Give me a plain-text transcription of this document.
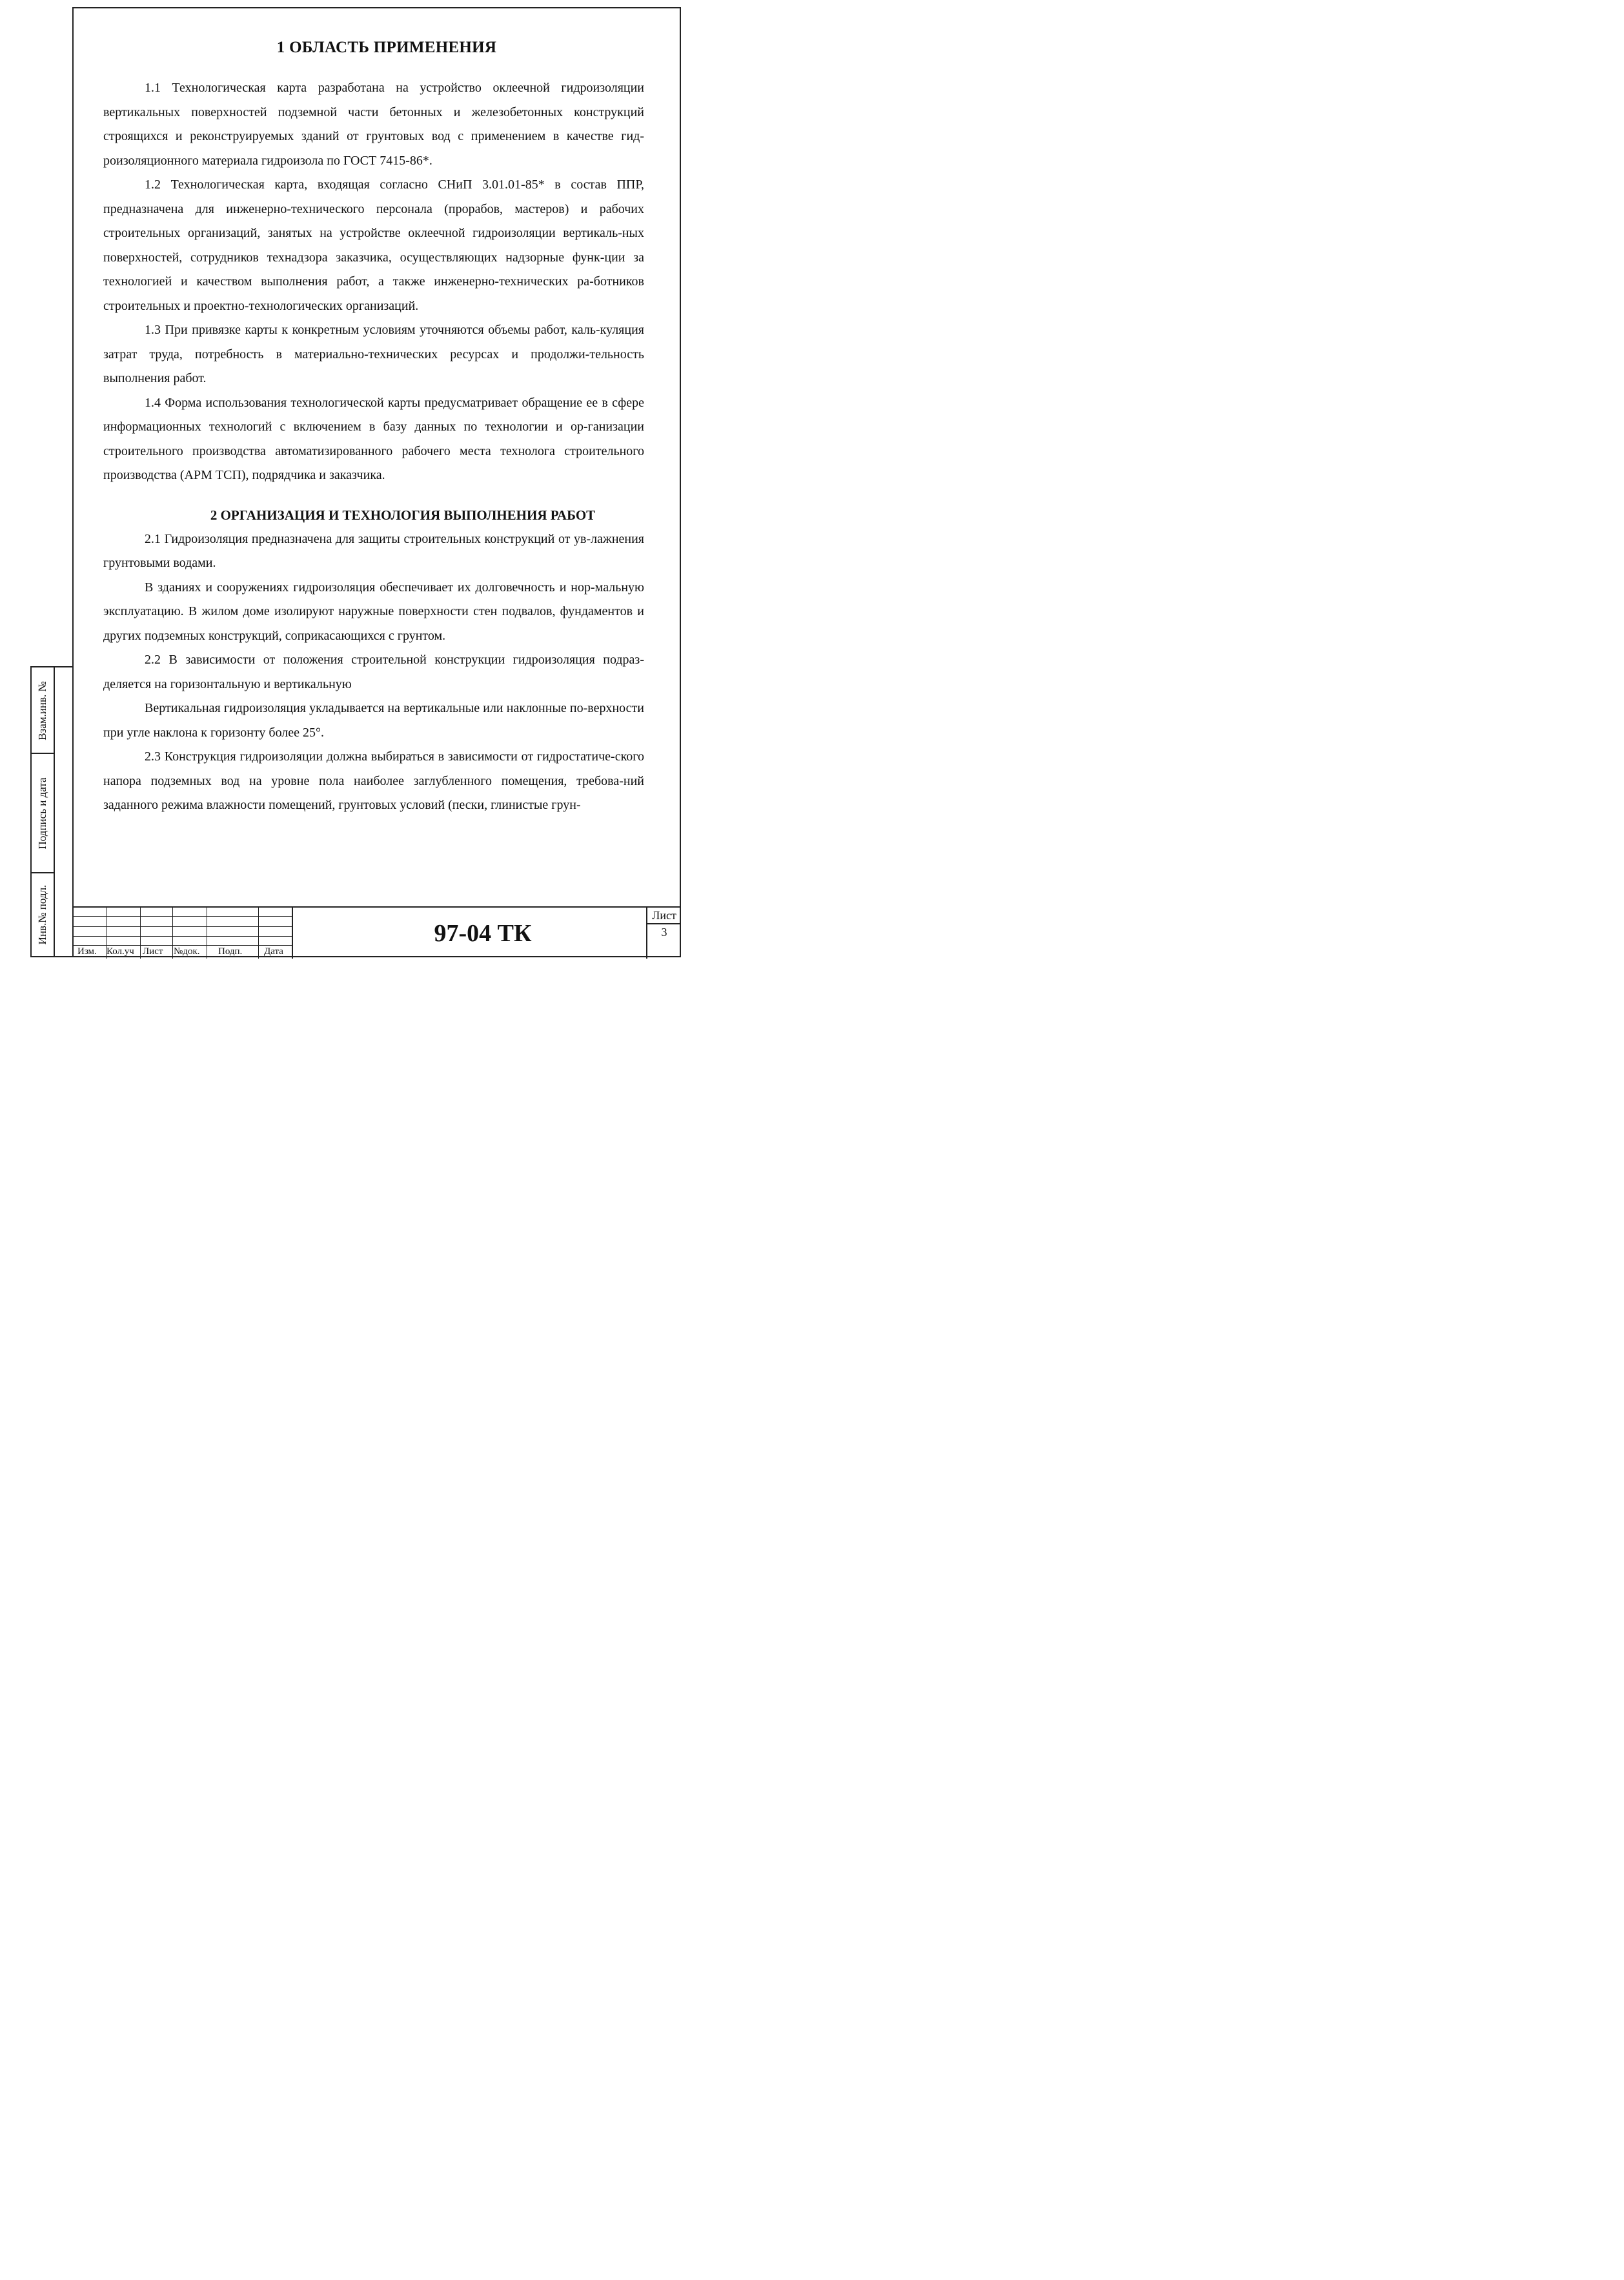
1 ОБЛАСТЬ ПРИМЕНЕНИЯ

1.1 Технологическая карта разработана на устройство оклеечной гидроизоляции вертикальных поверхностей подземной части бетонных и железобетонных конструкций строящихся и реконструируемых зданий от грунтовых вод с применением в качестве гид-роизоляционного материала гидроизола по ГОСТ 7415-86*.

1.2 Технологическая карта, входящая согласно СНиП 3.01.01-85* в состав ППР, предназначена для инженерно-технического персонала (прорабов, мастеров) и рабочих строительных организаций, занятых на устройстве оклеечной гидроизоляции вертикаль-ных поверхностей, сотрудников технадзора заказчика, осуществляющих надзорные функ-ции за технологией и качеством выполнения работ, а также инженерно-технических ра-ботников строительных и проектно-технологических организаций.

1.3 При привязке карты к конкретным условиям уточняются объемы работ, каль-куляция затрат труда, потребность в материально-технических ресурсах и продолжи-тельность выполнения работ.

1.4 Форма использования технологической карты предусматривает обращение ее в сфере информационных технологий с включением в базу данных по технологии и ор-ганизации строительного производства автоматизированного рабочего места технолога строительного производства (АРМ ТСП), подрядчика и заказчика.

2 ОРГАНИЗАЦИЯ И ТЕХНОЛОГИЯ ВЫПОЛНЕНИЯ РАБОТ

2.1 Гидроизоляция предназначена для защиты строительных конструкций от ув-лажнения грунтовыми водами.

В зданиях и сооружениях гидроизоляция обеспечивает их долговечность и нор-мальную эксплуатацию. В жилом доме изолируют наружные поверхности стен подвалов, фундаментов и других подземных конструкций, соприкасающихся с грунтом.

2.2 В зависимости от положения строительной конструкции гидроизоляция подраз-деляется на горизонтальную и вертикальную

Вертикальная гидроизоляция укладывается на вертикальные или наклонные по-верхности при угле наклона к горизонту более 25°.

2.3 Конструкция гидроизоляции должна выбираться в зависимости от гидростатиче-ского напора подземных вод на уровне пола наиболее заглубленного помещения, требова-ний заданного режима влажности помещений, грунтовых условий (пески, глинистые грун-

Взам.инв. №
Подпись и дата
Инв.№ подл.
Изм. Кол.уч Лист №док. Подп. Дата
97-04 ТК
Лист
3
